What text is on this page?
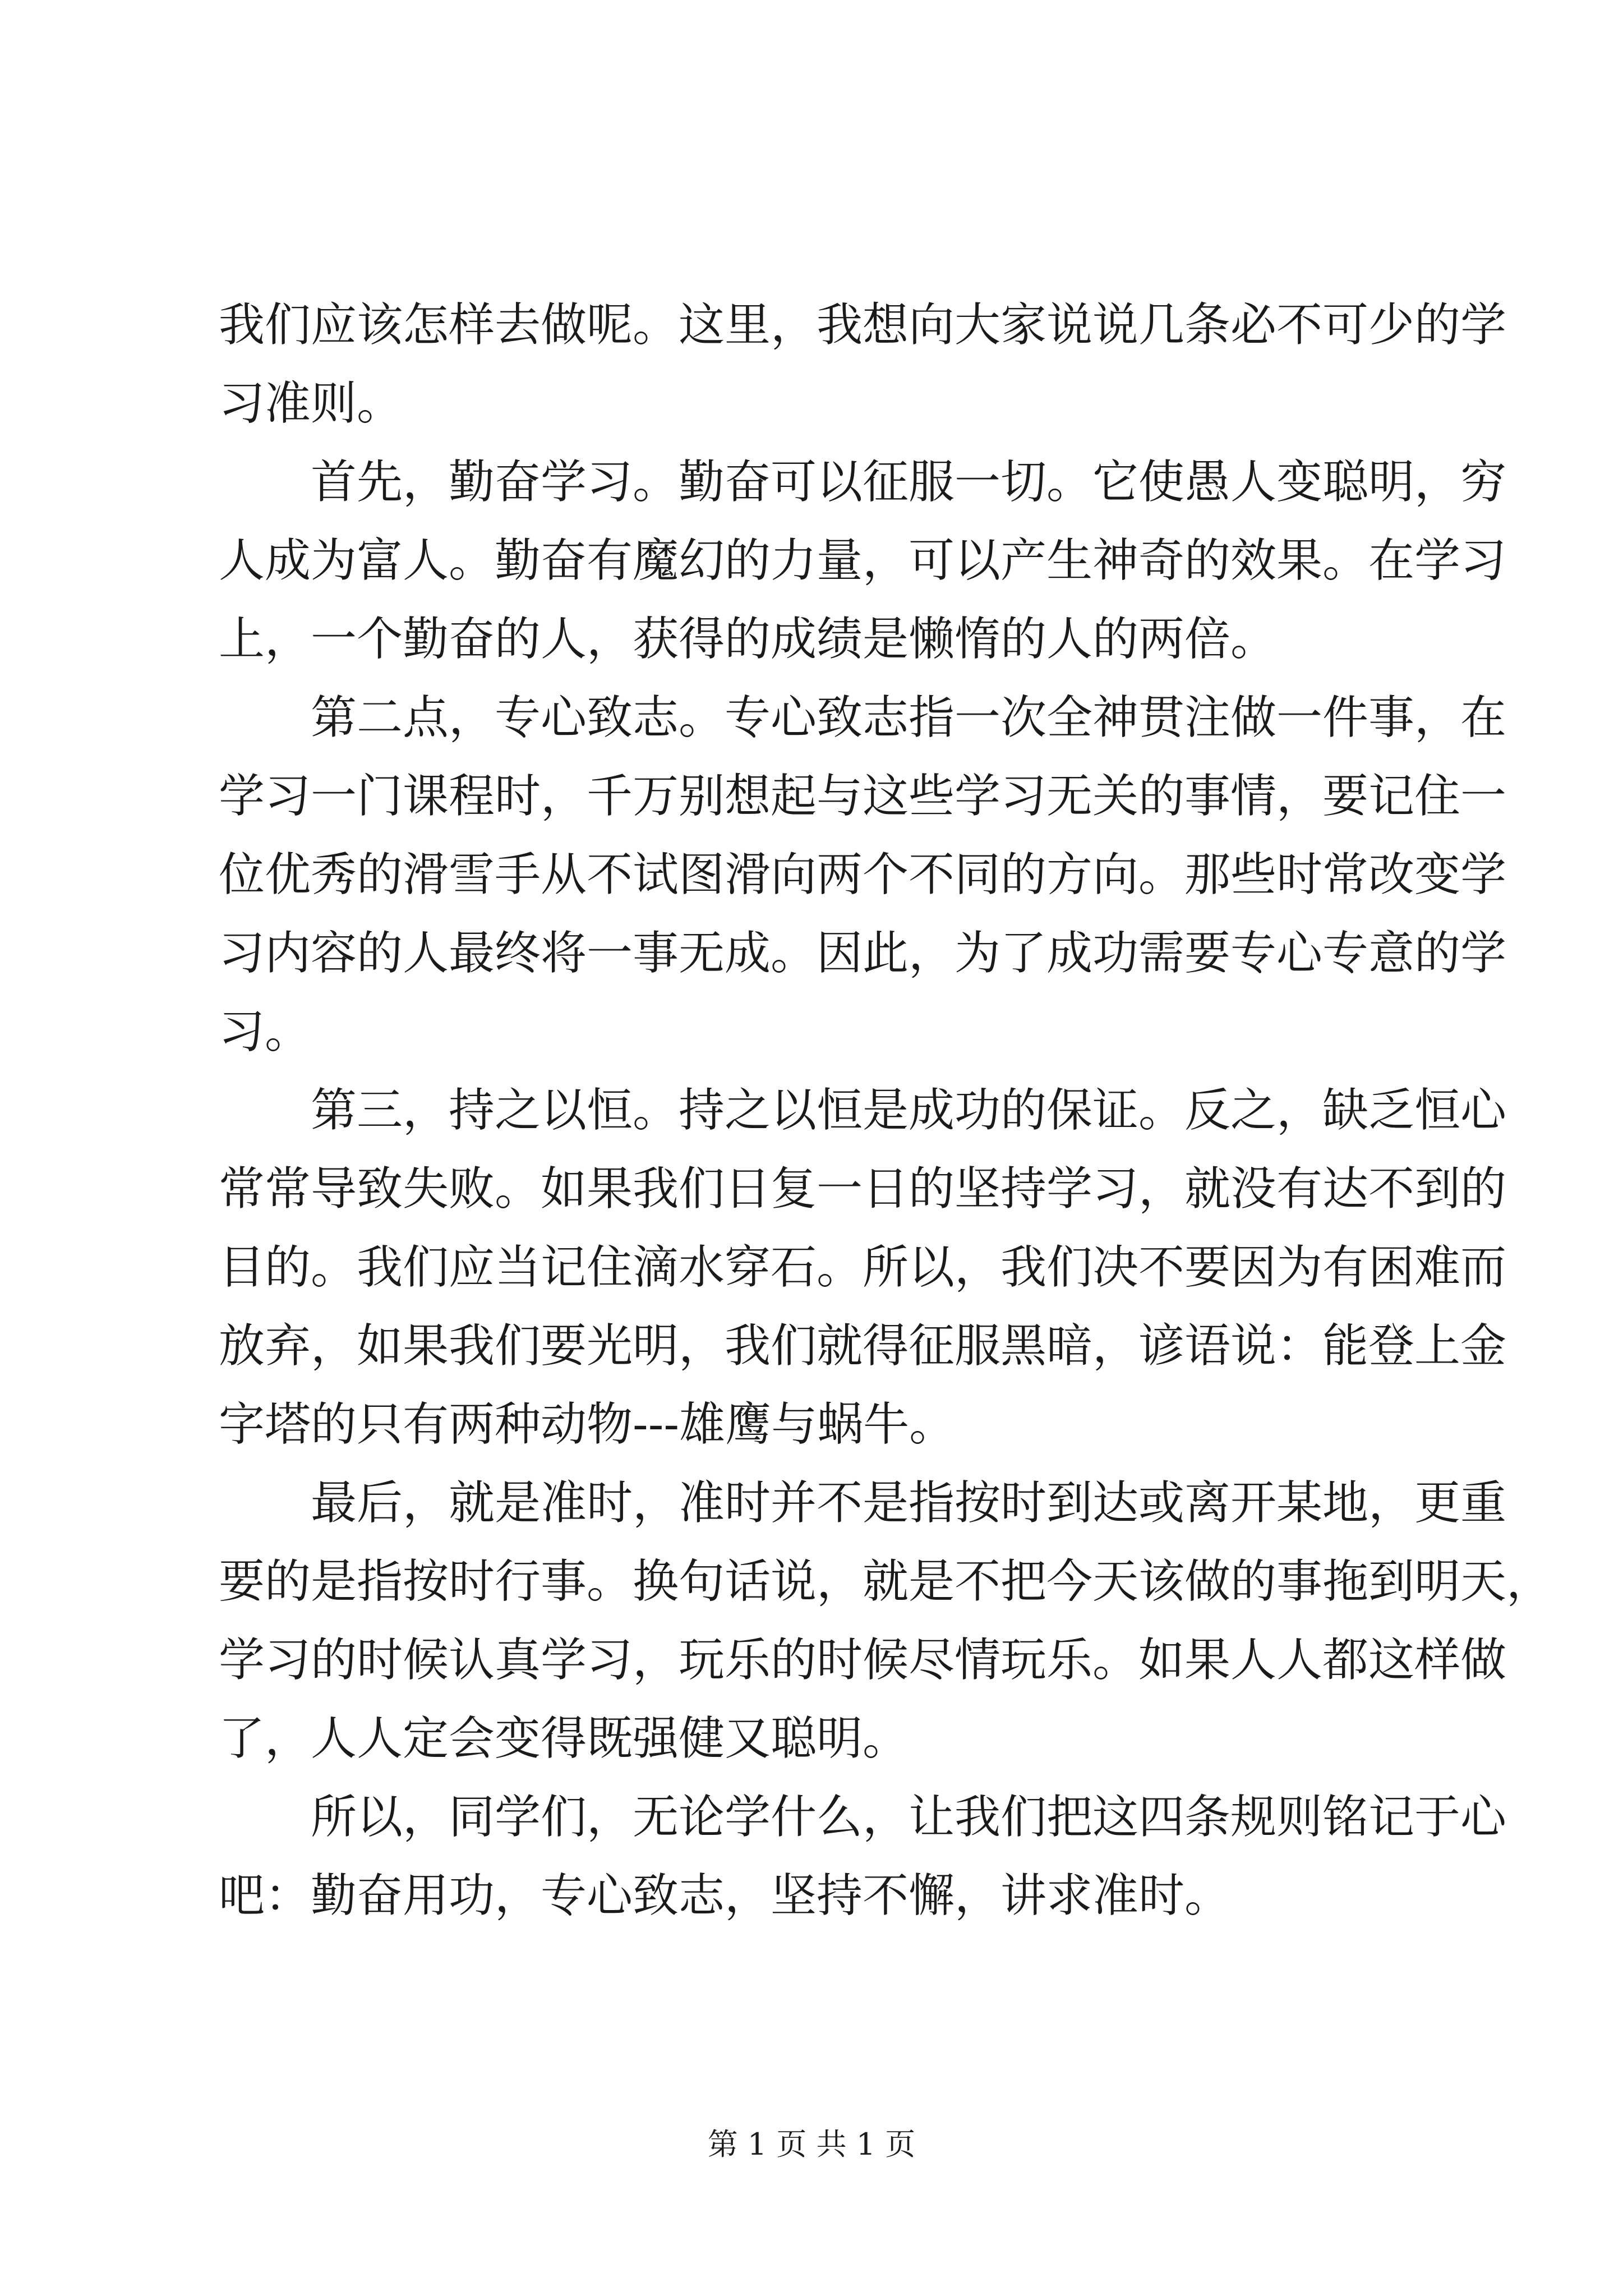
我们应该怎样去做呢。这里，我想向大家说说几条必不可少的学
习准则。
首先，勤奋学习。勤奋可以征服一切。它使愚人变聪明，穷
人成为富人。勤奋有魔幻的力量，可以产生神奇的效果。在学习
上，一个勤奋的人，获得的成绩是懒惰的人的两倍。
第二点，专心致志。专心致志指一次全神贯注做一件事，在
学习一门课程时，千万别想起与这些学习无关的事情，要记住一
位优秀的滑雪手从不试图滑向两个不同的方向。那些时常改变学
习内容的人最终将一事无成。因此，为了成功需要专心专意的学
习。
第三，持之以恒。持之以恒是成功的保证。反之，缺乏恒心
常常导致失败。如果我们日复一日的坚持学习，就没有达不到的
目的。我们应当记住滴水穿石。所以，我们决不要因为有困难而
放弃，如果我们要光明，我们就得征服黑暗，谚语说：能登上金
字塔的只有两种动物---雄鹰与蜗牛。
最后，就是准时，准时并不是指按时到达或离开某地，更重
要的是指按时行事。换句话说，就是不把今天该做的事拖到明天，
学习的时候认真学习，玩乐的时候尽情玩乐。如果人人都这样做
了，人人定会变得既强健又聪明。
所以，同学们，无论学什么，让我们把这四条规则铭记于心
吧：勤奋用功，专心致志，坚持不懈，讲求准时。
第 1 页 共 1 页
